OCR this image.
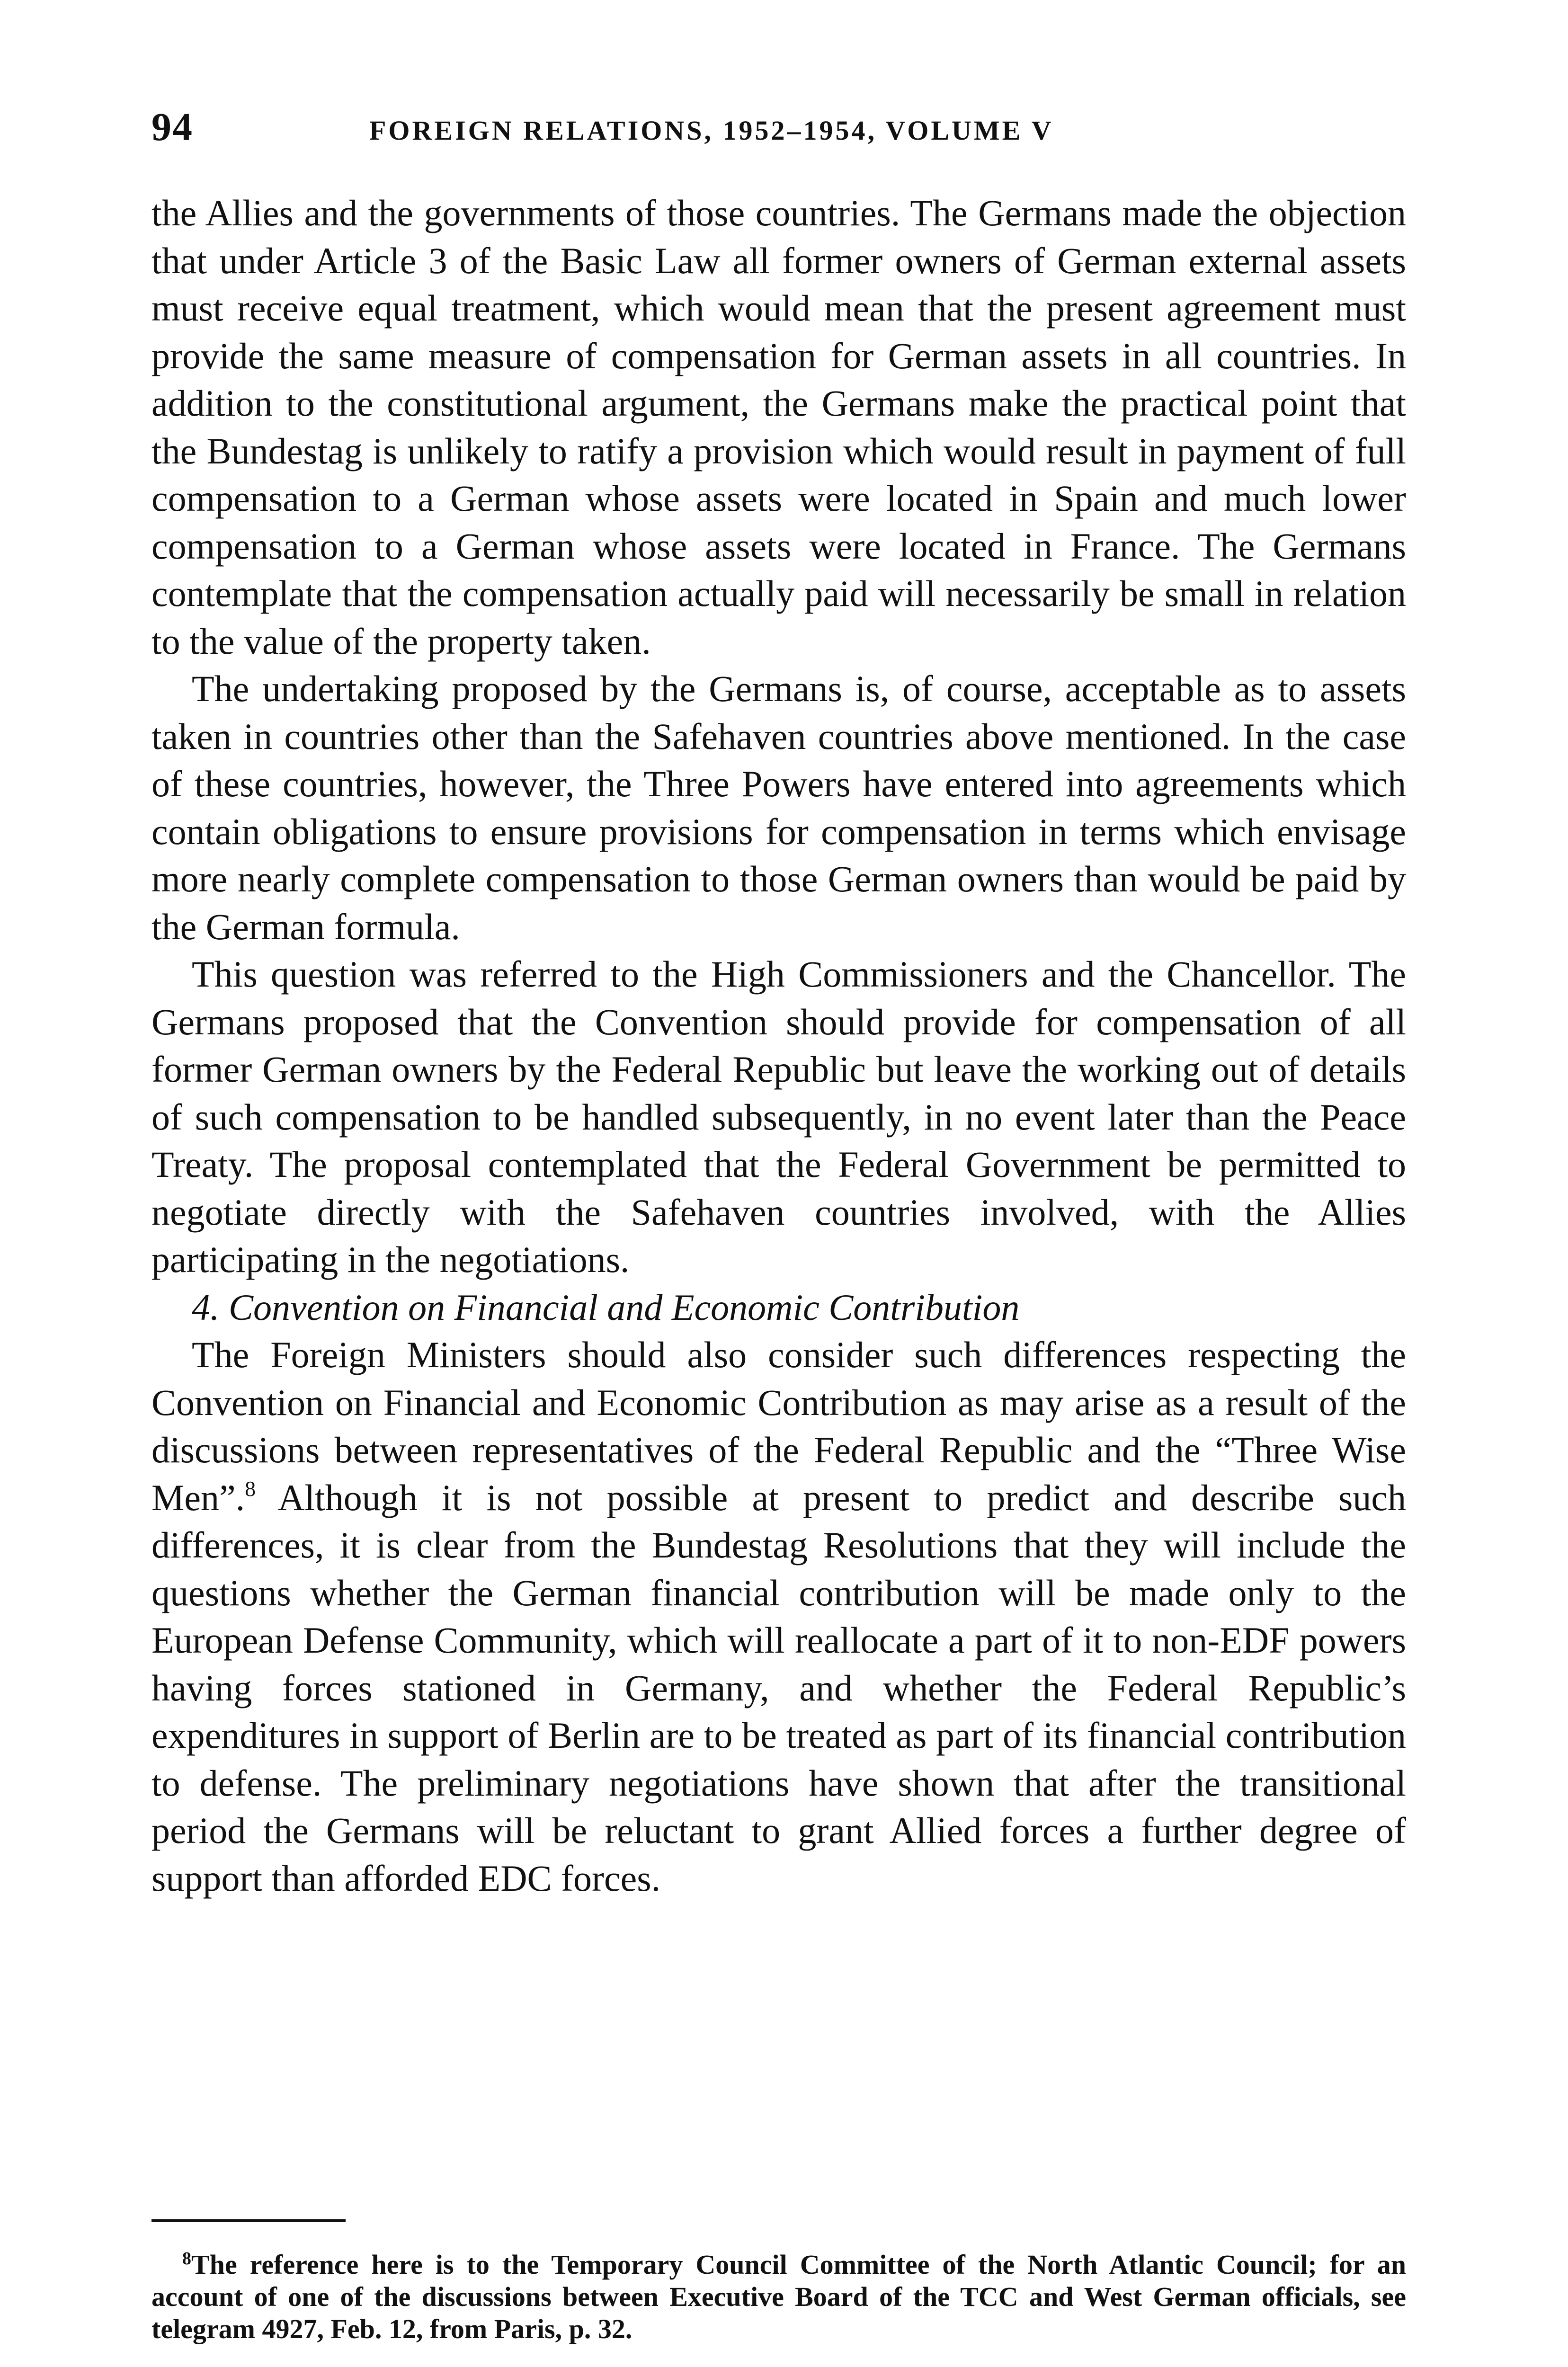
94	FOREIGN RELATIONS, 1952–1954, VOLUME V

the Allies and the governments of those countries. The Germans made the objection that under Article 3 of the Basic Law all former owners of German external assets must receive equal treatment, which would mean that the present agreement must provide the same measure of compensation for German assets in all countries. In addition to the constitutional argument, the Germans make the practical point that the Bundestag is unlikely to ratify a provision which would result in payment of full compensation to a German whose assets were located in Spain and much lower compensation to a German whose assets were located in France. The Germans contemplate that the compensation actually paid will necessarily be small in relation to the value of the property taken.

The undertaking proposed by the Germans is, of course, acceptable as to assets taken in countries other than the Safehaven countries above mentioned. In the case of these countries, however, the Three Powers have entered into agreements which contain obligations to ensure provisions for compensation in terms which envisage more nearly complete compensation to those German owners than would be paid by the German formula.

This question was referred to the High Commissioners and the Chancellor. The Germans proposed that the Convention should provide for compensation of all former German owners by the Federal Republic but leave the working out of details of such compensation to be handled subsequently, in no event later than the Peace Treaty. The proposal contemplated that the Federal Government be permitted to negotiate directly with the Safehaven countries involved, with the Allies participating in the negotiations.

4. Convention on Financial and Economic Contribution

The Foreign Ministers should also consider such differences respecting the Convention on Financial and Economic Contribution as may arise as a result of the discussions between representatives of the Federal Republic and the “Three Wise Men”.$^8$ Although it is not possible at present to predict and describe such differences, it is clear from the Bundestag Resolutions that they will include the questions whether the German financial contribution will be made only to the European Defense Community, which will reallocate a part of it to non-EDF powers having forces stationed in Germany, and whether the Federal Republic’s expenditures in support of Berlin are to be treated as part of its financial contribution to defense. The preliminary negotiations have shown that after the transitional period the Germans will be reluctant to grant Allied forces a further degree of support than afforded EDC forces.

$^8$The reference here is to the Temporary Council Committee of the North Atlantic Council; for an account of one of the discussions between Executive Board of the TCC and West German officials, see telegram 4927, Feb. 12, from Paris, p. 32.
